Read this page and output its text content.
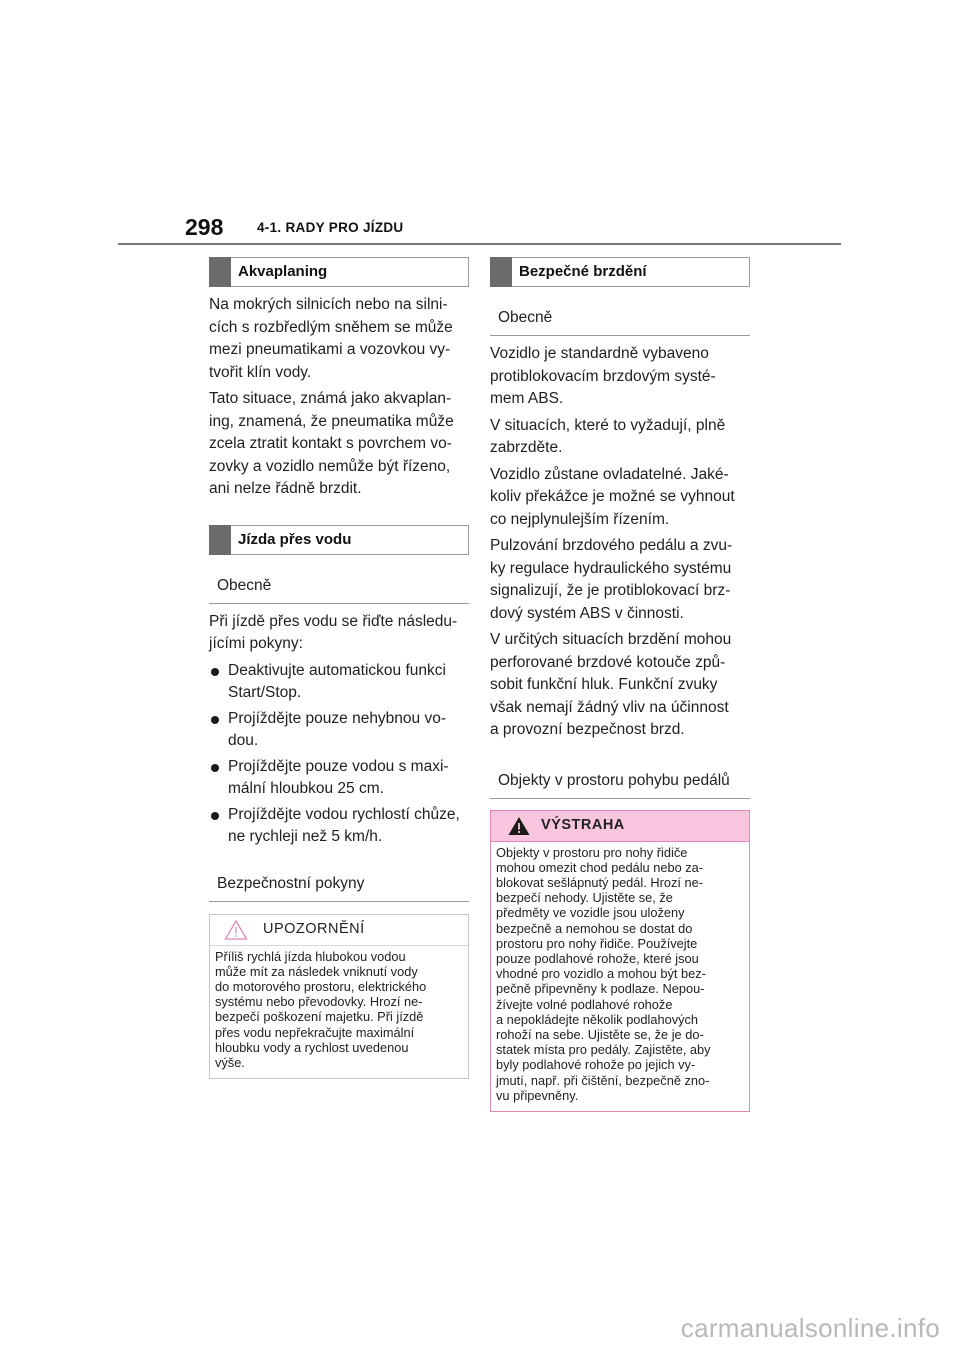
298 4-1. RADY PRO JÍZDU
Akvaplaning

Na mokrých silnicích nebo na silni-
cích s rozbředlým sněhem se může
mezi pneumatikami a vozovkou vy-
tvořit klín vody.

Tato situace, známá jako akvaplan-
ing, znamená, že pneumatika může
zcela ztratit kontakt s povrchem vo-
zovky a vozidlo nemůže být řízeno,
ani nelze řádně brzdit.

Jízda přes vodu
Obecně

Při jízdě přes vodu se řiďte následu-
jícími pokyny:

Deaktivujte automatickou funkci
Start/Stop.
Projíždějte pouze nehybnou vo-
dou.
Projíždějte pouze vodou s maxi-
mální hloubkou 25 cm.
Projíždějte vodou rychlostí chůze,
ne rychleji než 5 km/h.
Bezpečnostní pokyny
UPOZORNĚNÍ
Příliš rychlá jízda hlubokou vodou
může mít za následek vniknutí vody
do motorového prostoru, elektrického
systému nebo převodovky. Hrozí ne-
bezpečí poškození majetku. Při jízdě
přes vodu nepřekračujte maximální
hloubku vody a rychlost uvedenou
výše.
Bezpečné brzdění
Obecně

Vozidlo je standardně vybaveno
protiblokovacím brzdovým systé-
mem ABS.

V situacích, které to vyžadují, plně
zabrzděte.

Vozidlo zůstane ovladatelné. Jaké-
koliv překážce je možné se vyhnout
co nejplynulejším řízením.

Pulzování brzdového pedálu a zvu-
ky regulace hydraulického systému
signalizují, že je protiblokovací brz-
dový systém ABS v činnosti.

V určitých situacích brzdění mohou
perforované brzdové kotouče způ-
sobit funkční hluk. Funkční zvuky
však nemají žádný vliv na účinnost
a provozní bezpečnost brzd.

Objekty v prostoru pohybu pedálů
VÝSTRAHA
Objekty v prostoru pro nohy řidiče
mohou omezit chod pedálu nebo za-
blokovat sešlápnutý pedál. Hrozí ne-
bezpečí nehody. Ujistěte se, že
předměty ve vozidle jsou uloženy
bezpečně a nemohou se dostat do
prostoru pro nohy řidiče. Používejte
pouze podlahové rohože, které jsou
vhodné pro vozidlo a mohou být bez-
pečně připevněny k podlaze. Nepou-
žívejte volné podlahové rohože
a nepokládejte několik podlahových
rohoží na sebe. Ujistěte se, že je do-
statek místa pro pedály. Zajistěte, aby
byly podlahové rohože po jejich vy-
jmutí, např. při čištění, bezpečně zno-
vu připevněny.
carmanualsonline.info
